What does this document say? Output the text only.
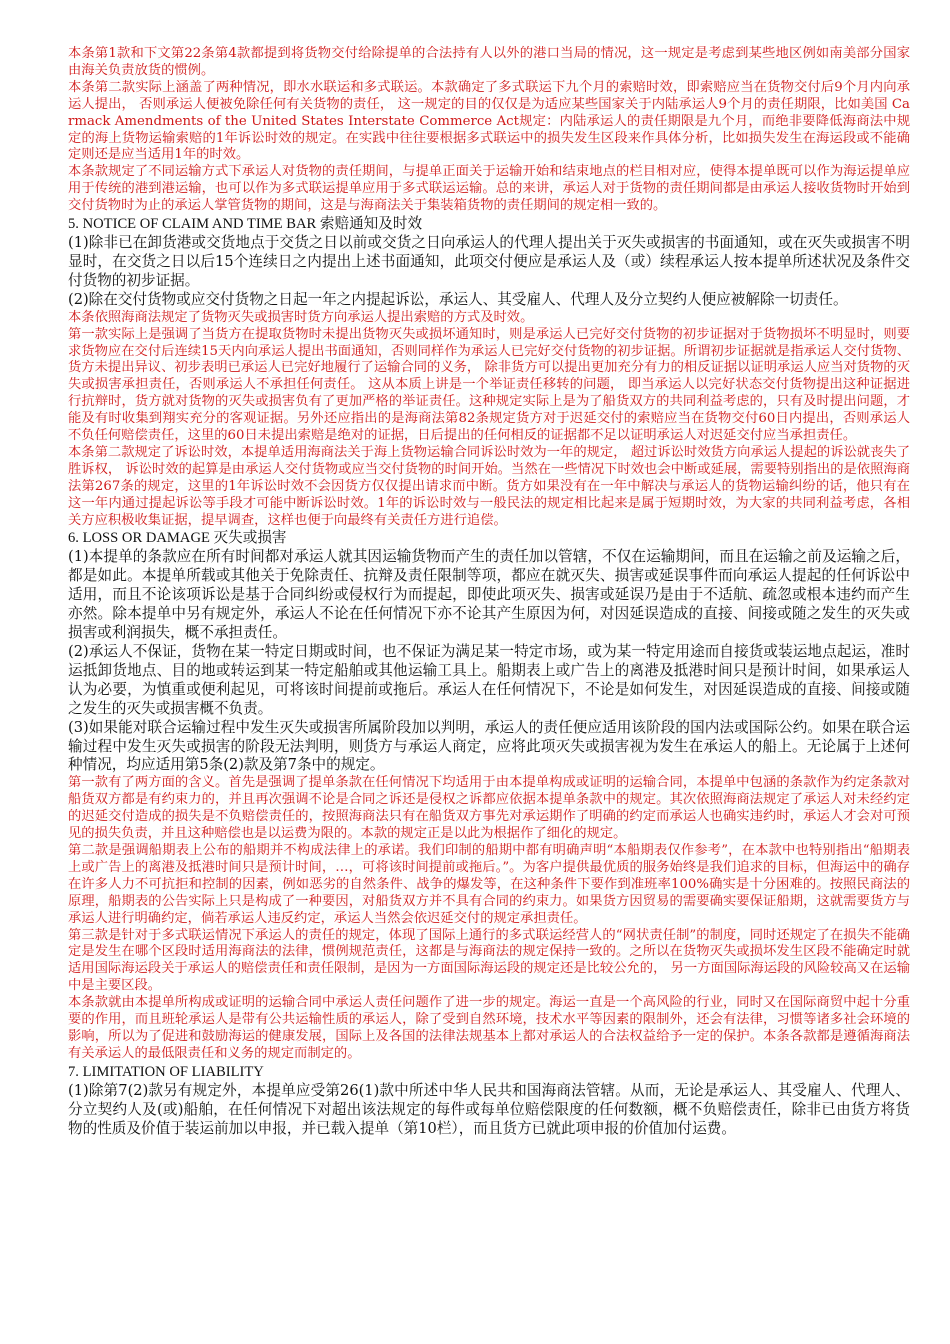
本条第1款和下文第22条第4款都提到将货物交付给除提单的合法持有人以外的港口当局的情况，这一规定是考虑到某些地区例如南美部分国家由海关负责放货的惯例。

本条第二款实际上涵盖了两种情况，即水水联运和多式联运。本款确定了多式联运下九个月的索赔时效，即索赔应当在货物交付后9个月内向承运人提出， 否则承运人便被免除任何有关货物的责任， 这一规定的目的仅仅是为适应某些国家关于内陆承运人9个月的责任期限，比如美国 Carmack Amendments of the United States Interstate Commerce Act规定：内陆承运人的责任期限是九个月，而绝非要降低海商法中规定的海上货物运输索赔的1年诉讼时效的规定。在实践中往往要根据多式联运中的损失发生区段来作具体分析，比如损失发生在海运段或不能确定则还是应当适用1年的时效。

本条款规定了不同运输方式下承运人对货物的责任期间，与提单正面关于运输开始和结束地点的栏目相对应，使得本提单既可以作为海运提单应用于传统的港到港运输，也可以作为多式联运提单应用于多式联运运输。总的来讲，承运人对于货物的责任期间都是由承运人接收货物时开始到交付货物时为止的承运人掌管货物的期间，这是与海商法关于集装箱货物的责任期间的规定相一致的。

5. NOTICE OF CLAIM AND TIME BAR 索赔通知及时效

(1)除非已在卸货港或交货地点于交货之日以前或交货之日向承运人的代理人提出关于灭失或损害的书面通知，或在灭失或损害不明显时，在交货之日以后15个连续日之内提出上述书面通知，此项交付便应是承运人及（或）续程承运人按本提单所述状况及条件交付货物的初步证据。

(2)除在交付货物或应交付货物之日起一年之内提起诉讼，承运人、其受雇人、代理人及分立契约人便应被解除一切责任。

本条依照海商法规定了货物灭失或损害时货方向承运人提出索赔的方式及时效。

第一款实际上是强调了当货方在提取货物时未提出货物灭失或损坏通知时，则是承运人已完好交付货物的初步证据对于货物损坏不明显时，则要求货物应在交付后连续15天内向承运人提出书面通知，否则同样作为承运人已完好交付货物的初步证据。所谓初步证据就是指承运人交付货物、货方未提出异议、初步表明已承运人已完好地履行了运输合同的义务， 除非货方可以提出更加充分有力的相反证据以证明承运人应当对货物的灭失或损害承担责任，否则承运人不承担任何责任。 这从本质上讲是一个举证责任移转的问题， 即当承运人以完好状态交付货物提出这种证据进行抗辩时，货方就对货物的灭失或损害负有了更加严格的举证责任。这种规定实际上是为了船货双方的共同利益考虑的，只有及时提出问题，才能及有时收集到翔实充分的客观证据。另外还应指出的是海商法第82条规定货方对于迟延交付的索赔应当在货物交付60日内提出，否则承运人不负任何赔偿责任，这里的60日未提出索赔是绝对的证据，日后提出的任何相反的证据都不足以证明承运人对迟延交付应当承担责任。

本条第二款规定了诉讼时效，本提单适用海商法关于海上货物运输合同诉讼时效为一年的规定， 超过诉讼时效货方向承运人提起的诉讼就丧失了胜诉权， 诉讼时效的起算是由承运人交付货物或应当交付货物的时间开始。当然在一些情况下时效也会中断或延展，需要特别指出的是依照海商法第267条的规定，这里的1年诉讼时效不会因货方仅仅提出请求而中断。货方如果没有在一年中解决与承运人的货物运输纠纷的话，他只有在这一年内通过提起诉讼等手段才可能中断诉讼时效。1年的诉讼时效与一般民法的规定相比起来是属于短期时效，为大家的共同利益考虑，各相关方应积极收集证据，提早调查，这样也便于向最终有关责任方进行追偿。

6. LOSS OR DAMAGE 灭失或损害

(1)本提单的条款应在所有时间都对承运人就其因运输货物而产生的责任加以管辖，不仅在运输期间，而且在运输之前及运输之后，都是如此。本提单所载或其他关于免除责任、抗辩及责任限制等项，都应在就灭失、损害或延误事件而向承运人提起的任何诉讼中适用，而且不论该项诉讼是基于合同纠纷或侵权行为而提起，即使此项灭失、损害或延误乃是由于不适航、疏忽或根本违约而产生亦然。除本提单中另有规定外，承运人不论在任何情况下亦不论其产生原因为何，对因延误造成的直接、间接或随之发生的灭失或损害或利润损失，概不承担责任。

(2)承运人不保证，货物在某一特定日期或时间，也不保证为满足某一特定市场，或为某一特定用途而自接货或装运地点起运，准时运抵卸货地点、目的地或转运到某一特定船舶或其他运输工具上。船期表上或广告上的离港及抵港时间只是预计时间，如果承运人认为必要，为慎重或便利起见，可将该时间提前或拖后。承运人在任何情况下，不论是如何发生，对因延误造成的直接、间接或随之发生的灭失或损害概不负责。

(3)如果能对联合运输过程中发生灭失或损害所属阶段加以判明，承运人的责任便应适用该阶段的国内法或国际公约。如果在联合运输过程中发生灭失或损害的阶段无法判明，则货方与承运人商定，应将此项灭失或损害视为发生在承运人的船上。无论属于上述何种情况，均应适用第5条(2)款及第7条中的规定。

第一款有了两方面的含义。首先是强调了提单条款在任何情况下均适用于由本提单构成或证明的运输合同，本提单中包涵的条款作为约定条款对船货双方都是有约束力的，并且再次强调不论是合同之诉还是侵权之诉都应依据本提单条款中的规定。其次依照海商法规定了承运人对未经约定的迟延交付造成的损失是不负赔偿责任的，按照海商法只有在船货双方事先对承运期作了明确的约定而承运人也确实违约时，承运人才会对可预见的损失负责，并且这种赔偿也是以运费为限的。本款的规定正是以此为根据作了细化的规定。

第二款是强调船期表上公布的船期并不构成法律上的承诺。我们印制的船期中都有明确声明“本船期表仅作参考”，在本款中也特别指出“船期表上或广告上的离港及抵港时间只是预计时间，…，可将该时间提前或拖后。”。为客户提供最优质的服务始终是我们追求的目标，但海运中的确存在许多人力不可抗拒和控制的因素，例如恶劣的自然条件、战争的爆发等，在这种条件下要作到准班率100%确实是十分困难的。按照民商法的原理，船期表的公告实际上只是构成了一种要因，对船货双方并不具有合同的约束力。如果货方因贸易的需要确实要保证船期，这就需要货方与承运人进行明确约定，倘若承运人违反约定，承运人当然会依迟延交付的规定承担责任。

第三款是针对于多式联运情况下承运人的责任的规定，体现了国际上通行的多式联运经营人的“网状责任制”的制度，同时还规定了在损失不能确定是发生在哪个区段时适用海商法的法律，惯例规范责任，这都是与海商法的规定保持一致的。之所以在货物灭失或损坏发生区段不能确定时就适用国际海运段关于承运人的赔偿责任和责任限制，是因为一方面国际海运段的规定还是比较公允的， 另一方面国际海运段的风险较高又在运输中是主要区段。

本条款就由本提单所构成或证明的运输合同中承运人责任问题作了进一步的规定。海运一直是一个高风险的行业，同时又在国际商贸中起十分重要的作用，而且班轮承运人是带有公共运输性质的承运人，除了受到自然环境，技术水平等因素的限制外，还会有法律，习惯等诸多社会环境的影响，所以为了促进和鼓励海运的健康发展，国际上及各国的法律法规基本上都对承运人的合法权益给予一定的保护。本条各款都是遵循海商法有关承运人的最低限责任和义务的规定而制定的。

7. LIMITATION OF LIABILITY

(1)除第7(2)款另有规定外，本提单应受第26(1)款中所述中华人民共和国海商法管辖。从而，无论是承运人、其受雇人、代理人、分立契约人及(或)船舶，在任何情况下对超出该法规定的每件或每单位赔偿限度的任何数额，概不负赔偿责任，除非已由货方将货物的性质及价值于装运前加以申报，并已载入提单（第10栏），而且货方已就此项申报的价值加付运费。
